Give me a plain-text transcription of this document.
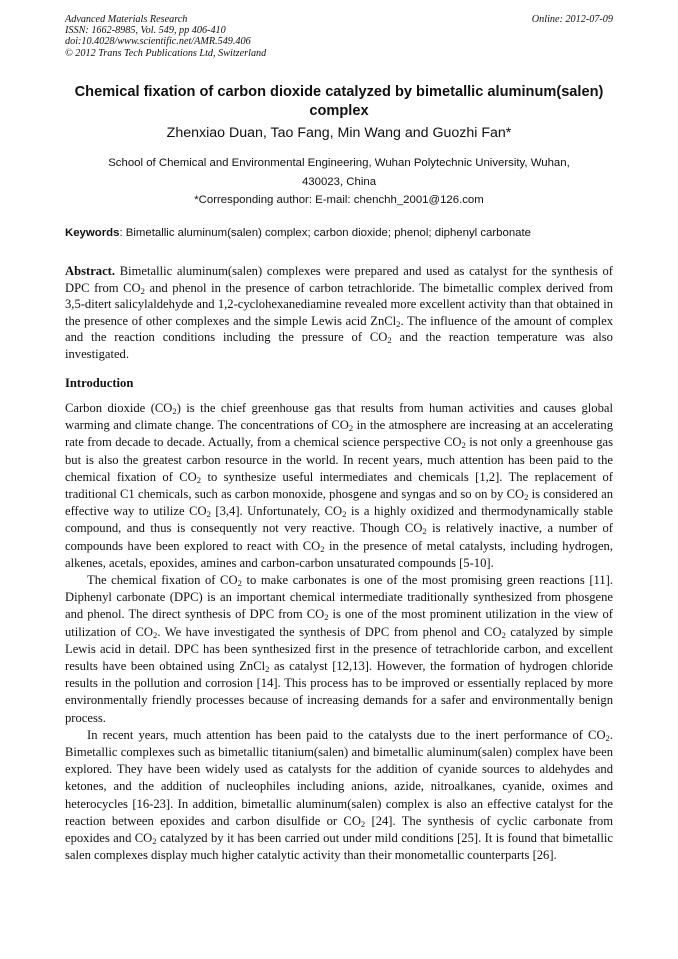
Advanced Materials Research
ISSN: 1662-8985, Vol. 549, pp 406-410
doi:10.4028/www.scientific.net/AMR.549.406
© 2012 Trans Tech Publications Ltd, Switzerland
Online: 2012-07-09
Chemical fixation of carbon dioxide catalyzed by bimetallic aluminum(salen) complex
Zhenxiao Duan, Tao Fang, Min Wang and Guozhi Fan*
School of Chemical and Environmental Engineering, Wuhan Polytechnic University, Wuhan,
430023, China
*Corresponding author: E-mail: chenchh_2001@126.com
Keywords: Bimetallic aluminum(salen) complex; carbon dioxide; phenol; diphenyl carbonate
Abstract. Bimetallic aluminum(salen) complexes were prepared and used as catalyst for the synthesis of DPC from $CO_2$ and phenol in the presence of carbon tetrachloride. The bimetallic complex derived from 3,5-ditert salicylaldehyde and 1,2-cyclohexanediamine revealed more excellent activity than that obtained in the presence of other complexes and the simple Lewis acid ZnCl$_2$. The influence of the amount of complex and the reaction conditions including the pressure of $CO_2$ and the reaction temperature was also investigated.
Introduction

Carbon dioxide $(CO_2)$ is the chief greenhouse gas that results from human activities and causes global warming and climate change. The concentrations of $CO_2$ in the atmosphere are increasing at an accelerating rate from decade to decade. Actually, from a chemical science perspective $CO_2$ is not only a greenhouse gas but is also the greatest carbon resource in the world. In recent years, much attention has been paid to the chemical fixation of $CO_2$ to synthesize useful intermediates and chemicals [1,2]. The replacement of traditional C1 chemicals, such as carbon monoxide, phosgene and syngas and so on by $CO_2$ is considered an effective way to utilize $CO_2$ [3,4]. Unfortunately, $CO_2$ is a highly oxidized and thermodynamically stable compound, and thus is consequently not very reactive. Though $CO_2$ is relatively inactive, a number of compounds have been explored to react with $CO_2$ in the presence of metal catalysts, including hydrogen, alkenes, acetals, epoxides, amines and carbon-carbon unsaturated compounds [5-10].

The chemical fixation of $CO_2$ to make carbonates is one of the most promising green reactions [11]. Diphenyl carbonate (DPC) is an important chemical intermediate traditionally synthesized from phosgene and phenol. The direct synthesis of DPC from $CO_2$ is one of the most prominent utilization in the view of utilization of $CO_2$. We have investigated the synthesis of DPC from phenol and $CO_2$ catalyzed by simple Lewis acid in detail. DPC has been synthesized first in the presence of tetrachloride carbon, and excellent results have been obtained using ZnCl$_2$ as catalyst [12,13]. However, the formation of hydrogen chloride results in the pollution and corrosion [14]. This process has to be improved or essentially replaced by more environmentally friendly processes because of increasing demands for a safer and environmentally benign process.

In recent years, much attention has been paid to the catalysts due to the inert performance of $CO_2$. Bimetallic complexes such as bimetallic titanium(salen) and bimetallic aluminum(salen) complex have been explored. They have been widely used as catalysts for the addition of cyanide sources to aldehydes and ketones, and the addition of nucleophiles including anions, azide, nitroalkanes, cyanide, oximes and heterocycles [16-23]. In addition, bimetallic aluminum(salen) complex is also an effective catalyst for the reaction between epoxides and carbon disulfide or $CO_2$ [24]. The synthesis of cyclic carbonate from epoxides and $CO_2$ catalyzed by it has been carried out under mild conditions [25]. It is found that bimetallic salen complexes display much higher catalytic activity than their monometallic counterparts [26].
